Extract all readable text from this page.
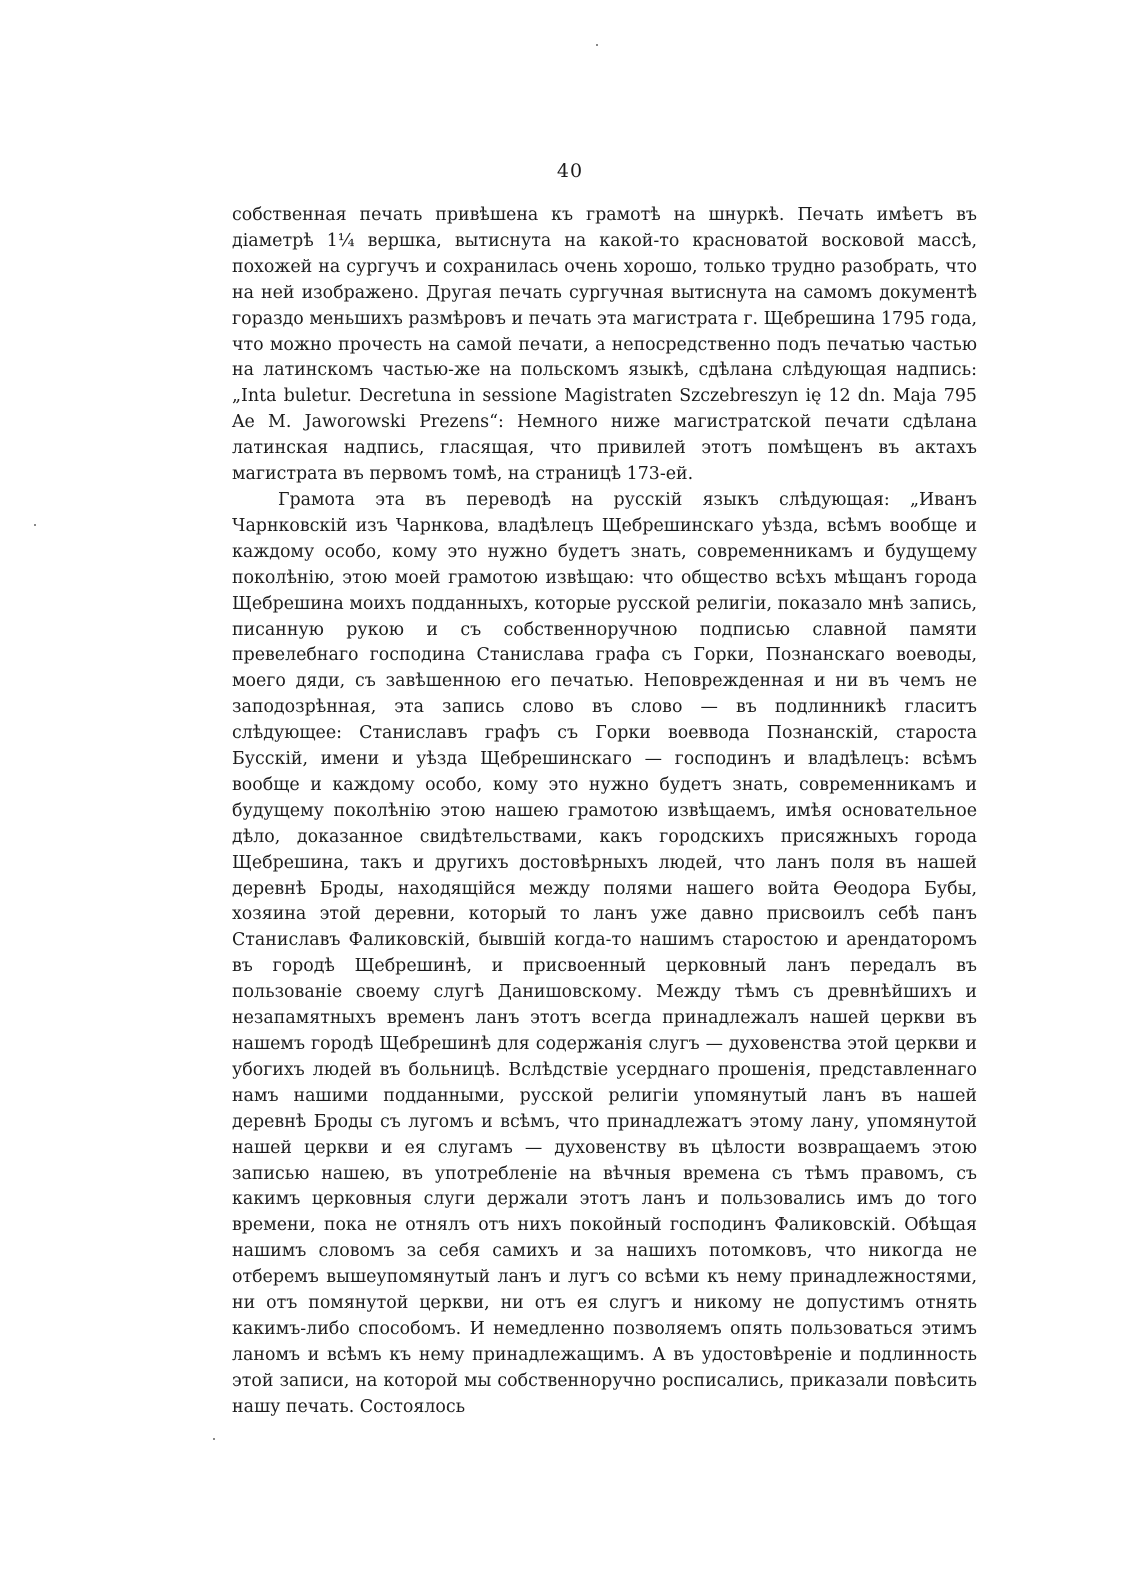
40

собственная печать привѣшена къ грамотѣ на шнуркѣ. Печать имѣетъ въ діаметрѣ 1¼ вершка, вытиснута на какой-то красноватой восковой массѣ, похожей на сургучъ и сохранилась очень хорошо, только трудно разобрать, что на ней изображено. Другая печать сургучная вытиснута на самомъ документѣ гораздо меньшихъ размѣровъ и печать эта магистрата г. Щебрешина 1795 года, что можно прочесть на самой печати, а непосредственно подъ печатью частью на латинскомъ частью-же на польскомъ языкѣ, сдѣлана слѣдующая надпись: „Inta buletur. Decretuna in sessione Magistraten Szczebreszyn ię 12 dn. Maja 795 Ae M. Jaworowski Prezens“: Немного ниже магистратской печати сдѣлана латинская надпись, гласящая, что привилей этотъ помѣщенъ въ актахъ магистрата въ первомъ томѣ, на страницѣ 173-ей.

Грамота эта въ переводѣ на русскій языкъ слѣдующая: „Иванъ Чарнковскій изъ Чарнкова, владѣлецъ Щебрешинскаго уѣзда, всѣмъ вообще и каждому особо, кому это нужно будетъ знать, современникамъ и будущему поколѣнію, этою моей грамотою извѣщаю: что общество всѣхъ мѣщанъ города Щебрешина моихъ подданныхъ, которые русской религіи, показало мнѣ запись, писанную рукою и съ собственноручною подписью славной памяти превелебнаго господина Станислава графа съ Горки, Познанскаго воеводы, моего дяди, съ завѣшенною его печатью. Неповрежденная и ни въ чемъ не заподозрѣнная, эта запись слово въ слово — въ подлинникѣ гласитъ слѣдующее: Станиславъ графъ съ Горки воеввода Познанскій, староста Бусскій, имени и уѣзда Щебрешинскаго — господинъ и владѣлецъ: всѣмъ вообще и каждому особо, кому это нужно будетъ знать, современникамъ и будущему поколѣнію этою нашею грамотою извѣщаемъ, имѣя основательное дѣло, доказанное свидѣтельствами, какъ городскихъ присяжныхъ города Щебрешина, такъ и другихъ достовѣрныхъ людей, что ланъ поля въ нашей деревнѣ Броды, находящійся между полями нашего войта Ѳеодора Бубы, хозяина этой деревни, который то ланъ уже давно присвоилъ себѣ панъ Станиславъ Фаликовскій, бывшій когда-то нашимъ старостою и арендаторомъ въ городѣ Щебрешинѣ, и присвоенный церковный ланъ передалъ въ пользованіе своему слугѣ Данишовскому. Между тѣмъ съ древнѣйшихъ и незапамятныхъ временъ ланъ этотъ всегда принадлежалъ нашей церкви въ нашемъ городѣ Щебрешинѣ для содержанія слугъ — духовенства этой церкви и убогихъ людей въ больницѣ. Вслѣдствіе усерднаго прошенія, представленнаго намъ нашими подданными, русской религіи упомянутый ланъ въ нашей деревнѣ Броды съ лугомъ и всѣмъ, что принадлежатъ этому лану, упомянутой нашей церкви и ея слугамъ — духовенству въ цѣлости возвращаемъ этою записью нашею, въ употребленіе на вѣчныя времена съ тѣмъ правомъ, съ какимъ церковныя слуги держали этотъ ланъ и пользовались имъ до того времени, пока не отнялъ отъ нихъ покойный господинъ Фаликовскій. Обѣщая нашимъ словомъ за себя самихъ и за нашихъ потомковъ, что никогда не отберемъ вышеупомянутый ланъ и лугъ со всѣми къ нему принадлежностями, ни отъ помянутой церкви, ни отъ ея слугъ и никому не допустимъ отнять какимъ-либо способомъ. И немедленно позволяемъ опять пользоваться этимъ ланомъ и всѣмъ къ нему принадлежащимъ. А въ удостовѣреніе и подлинность этой записи, на которой мы собственноручно росписались, приказали повѣсить нашу печать. Состоялось
